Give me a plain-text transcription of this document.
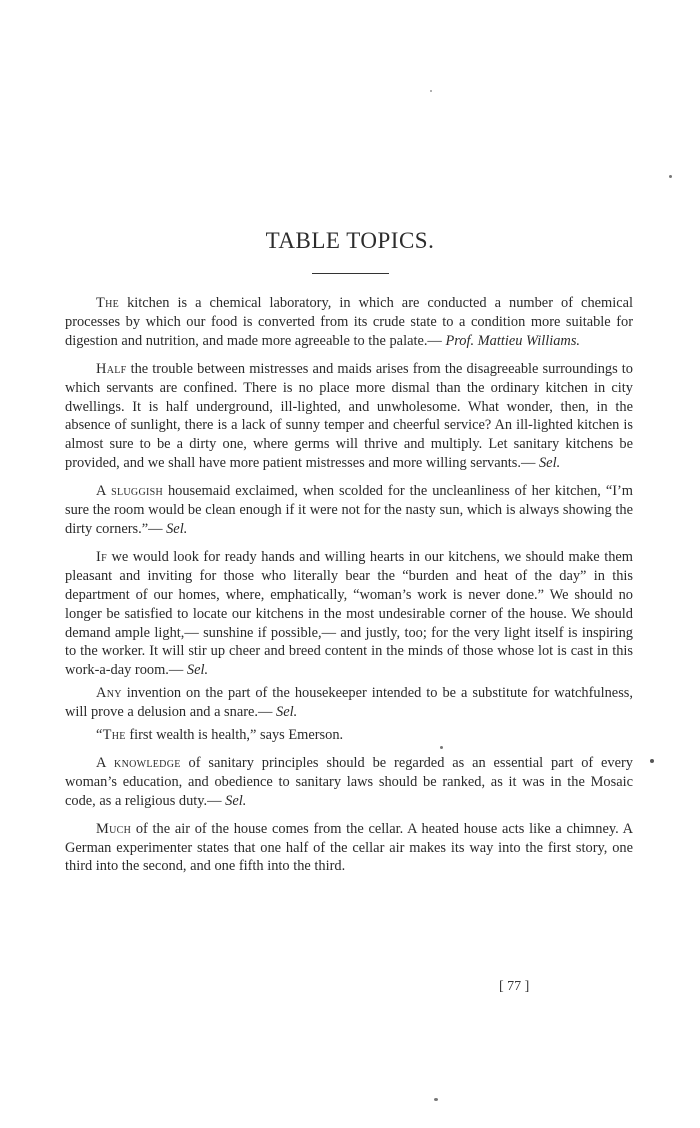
TABLE TOPICS.

The kitchen is a chemical laboratory, in which are conducted a number of chemical processes by which our food is converted from its crude state to a condition more suitable for digestion and nutrition, and made more agreeable to the palate.— Prof. Mattieu Williams.

Half the trouble between mistresses and maids arises from the disagreeable surroundings to which servants are confined. There is no place more dismal than the ordinary kitchen in city dwellings. It is half underground, ill-lighted, and unwholesome. What wonder, then, in the absence of sunlight, there is a lack of sunny temper and cheerful service? An ill-lighted kitchen is almost sure to be a dirty one, where germs will thrive and multiply. Let sanitary kitchens be provided, and we shall have more patient mistresses and more willing servants.— Sel.

A sluggish housemaid exclaimed, when scolded for the uncleanliness of her kitchen, “I’m sure the room would be clean enough if it were not for the nasty sun, which is always showing the dirty corners.”— Sel.

If we would look for ready hands and willing hearts in our kitchens, we should make them pleasant and inviting for those who literally bear the “burden and heat of the day” in this department of our homes, where, emphatically, “woman’s work is never done.” We should no longer be satisfied to locate our kitchens in the most undesirable corner of the house. We should demand ample light,— sunshine if possible,— and justly, too; for the very light itself is inspiring to the worker. It will stir up cheer and breed content in the minds of those whose lot is cast in this work-a-day room.— Sel.

Any invention on the part of the housekeeper intended to be a substitute for watchfulness, will prove a delusion and a snare.— Sel.

“The first wealth is health,” says Emerson.

A knowledge of sanitary principles should be regarded as an essential part of every woman’s education, and obedience to sanitary laws should be ranked, as it was in the Mosaic code, as a religious duty.— Sel.

Much of the air of the house comes from the cellar. A heated house acts like a chimney. A German experimenter states that one half of the cellar air makes its way into the first story, one third into the second, and one fifth into the third.

[ 77 ]
